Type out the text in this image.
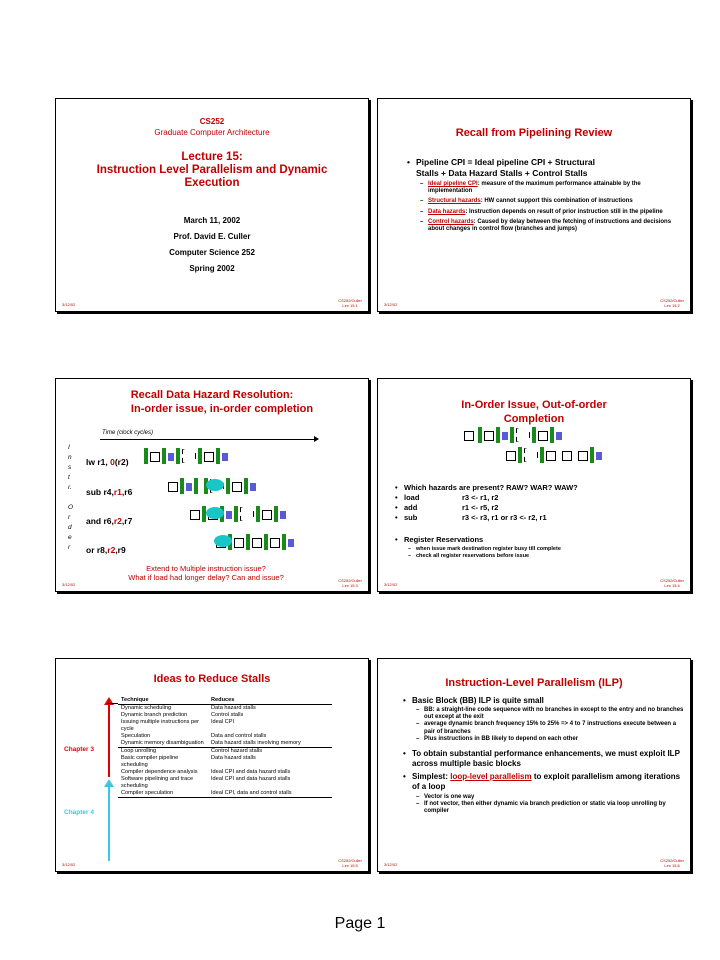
CS252
Graduate Computer Architecture
Lecture 15:
Instruction Level Parallelism and Dynamic
Execution
March 11, 2002
Prof. David E. Culler
Computer Science 252
Spring 2002
3/12/02
CS252/Culler
Lec 15.1
Recall from Pipelining Review
Pipeline CPI = Ideal pipeline CPI + Structural
Stalls + Data Hazard Stalls + Control Stalls
Ideal pipeline CPI: measure of the maximum performance attainable by the implementation
Structural hazards: HW cannot support this combination of instructions
Data hazards: Instruction depends on result of prior instruction still in the pipeline
Control hazards: Caused by delay between the fetching of instructions and decisions about changes in control flow (branches and jumps)
3/12/02
CS252/Culler
Lec 15.2
Recall Data Hazard Resolution:
In-order issue, in-order completion
Time (clock cycles)
I
n
s
t
r.
O
r
d
e
r
lw r1, 0(r2)
sub r4,r1,r6
and r6,r2,r7
or r8,r2,r9
Extend to Multiple instruction issue?
What if load had longer delay? Can and issue?
3/12/02
CS252/Culler
Lec 15.3
In-Order Issue, Out-of-order
Completion
Which hazards are present? RAW? WAR? WAW?
load	r3 <- r1, r2
add	r1 <- r5, r2
sub	r3 <- r3, r1 or r3 <- r2, r1
Register Reservations
when issue mark destination register busy till complete
check all register reservations before issue
3/12/02
CS252/Culler
Lec 15.4
Ideas to Reduce Stalls
Technique	Reduces
Dynamic scheduling	Data hazard stalls
Dynamic branch prediction	Control stalls
Issuing multiple instructions per cycle	Ideal CPI
Speculation	Data and control stalls
Dynamic memory disambiguation	Data hazard stalls involving memory
Loop unrolling	Control hazard stalls
Basic compiler pipeline scheduling	Data hazard stalls
Compiler dependence analysis	Ideal CPI and data hazard stalls
Software pipelining and trace scheduling	Ideal CPI and data hazard stalls
Compiler speculation	Ideal CPI, data and control stalls
Chapter 3
Chapter 4
3/12/02
CS252/Culler
Lec 15.5
Instruction-Level Parallelism (ILP)
Basic Block (BB) ILP is quite small
BB: a straight-line code sequence with no branches in except to the entry and no branches out except at the exit
average dynamic branch frequency 15% to 25% => 4 to 7 instructions execute between a pair of branches
Plus instructions in BB likely to depend on each other
To obtain substantial performance enhancements, we must exploit ILP across multiple basic blocks
Simplest: loop-level parallelism to exploit parallelism among iterations of a loop
Vector is one way
If not vector, then either dynamic via branch prediction or static via loop unrolling by compiler
3/12/02
CS252/Culler
Lec 15.6
Page 1
